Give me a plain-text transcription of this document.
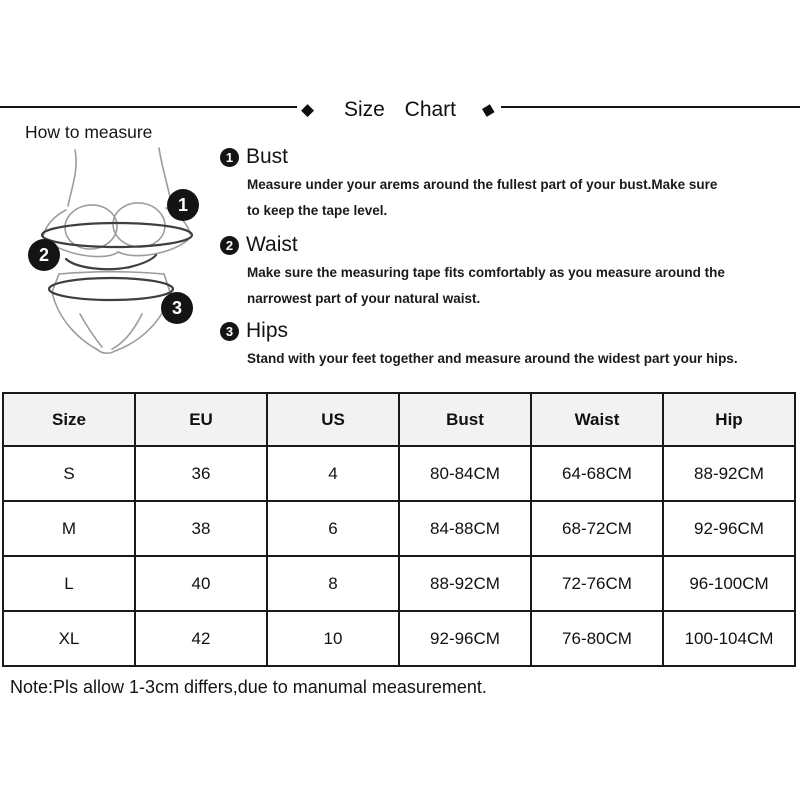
◆	Size Chart	◆
How to measure
1
2
3
1 Bust
Measure under your arems around the fullest part of your bust.Make sure
to keep the tape level.
2 Waist
Make sure the measuring tape fits comfortably as you measure around the
narrowest part of your natural waist.
3 Hips
Stand with your feet together and measure around the widest part your hips.
Size	EU	US	Bust	Waist	Hip
S	36	4	80-84CM	64-68CM	88-92CM
M	38	6	84-88CM	68-72CM	92-96CM
L	40	8	88-92CM	72-76CM	96-100CM
XL	42	10	92-96CM	76-80CM	100-104CM
Note:Pls allow 1-3cm differs,due to manumal measurement.
